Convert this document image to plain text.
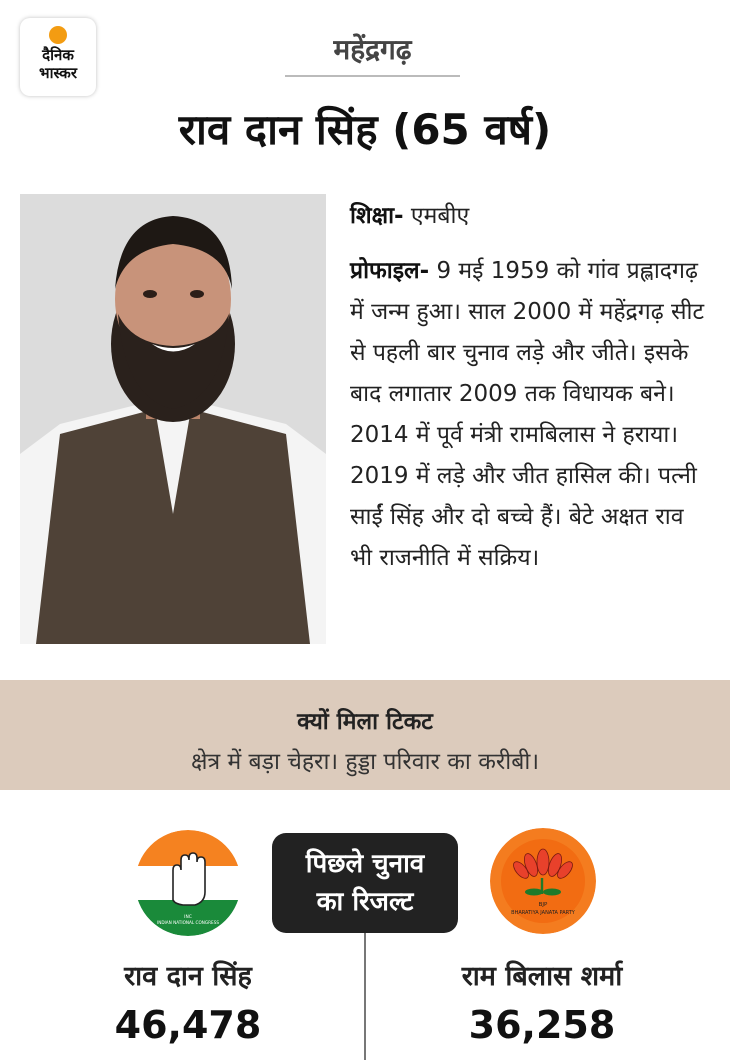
दैनिक
भास्कर
महेंद्रगढ़
राव दान सिंह (65 वर्ष)

शिक्षा- एमबीए

प्रोफाइल- 9 मई 1959 को गांव प्रह्लादगढ़ में जन्म हुआ। साल 2000 में महेंद्रगढ़ सीट से पहली बार चुनाव लड़े और जीते। इसके बाद लगातार 2009 तक विधायक बने। 2014 में पूर्व मंत्री रामबिलास ने हराया। 2019 में लड़े और जीत हासिल की। पत्नी साईं सिंह और दो बच्चे हैं। बेटे अक्षत राव भी राजनीति में सक्रिय।

क्यों मिला टिकट
क्षेत्र में बड़ा चेहरा। हुड्डा परिवार का करीबी।
INC
INDIAN NATIONAL CONGRESS
पिछले चुनाव
का रिजल्ट	BJP
BHARATIYA JANATA PARTY
राव दान सिंह
46,478
राम बिलास शर्मा
36,258
